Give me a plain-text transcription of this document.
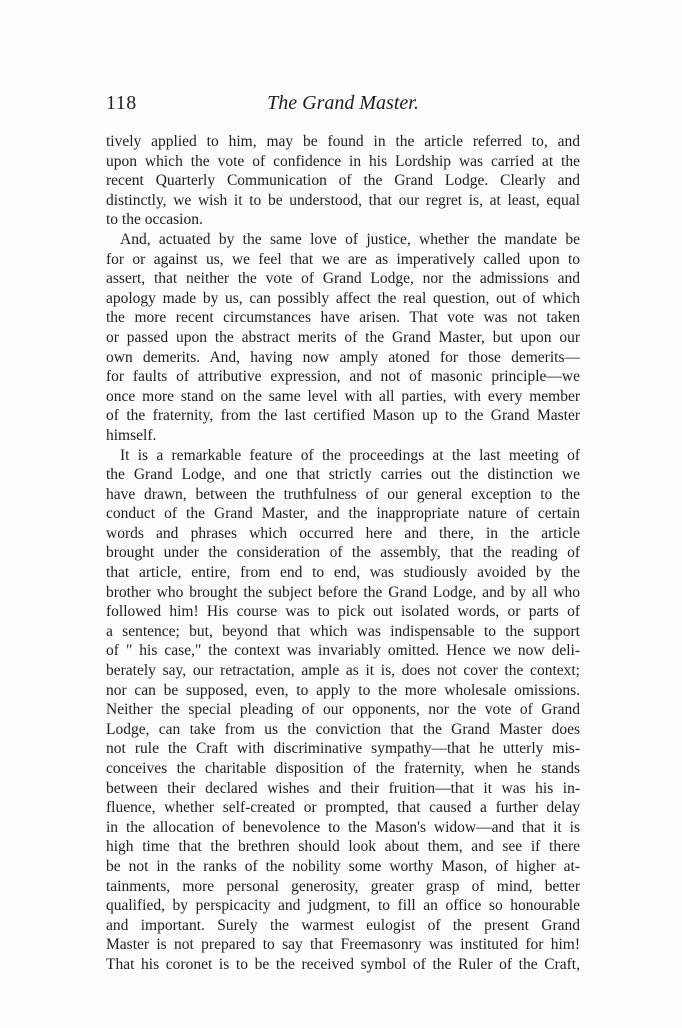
118	The Grand Master.

tively applied to him, may be found in the article referred to, and

upon which the vote of confidence in his Lordship was carried at the

recent Quarterly Communication of the Grand Lodge. Clearly and

distinctly, we wish it to be understood, that our regret is, at least, equal

to the occasion.

And, actuated by the same love of justice, whether the mandate be

for or against us, we feel that we are as imperatively called upon to

assert, that neither the vote of Grand Lodge, nor the admissions and

apology made by us, can possibly affect the real question, out of which

the more recent circumstances have arisen. That vote was not taken

or passed upon the abstract merits of the Grand Master, but upon our

own demerits. And, having now amply atoned for those demerits—

for faults of attributive expression, and not of masonic principle—we

once more stand on the same level with all parties, with every member

of the fraternity, from the last certified Mason up to the Grand Master

himself.

It is a remarkable feature of the proceedings at the last meeting of

the Grand Lodge, and one that strictly carries out the distinction we

have drawn, between the truthfulness of our general exception to the

conduct of the Grand Master, and the inappropriate nature of certain

words and phrases which occurred here and there, in the article

brought under the consideration of the assembly, that the reading of

that article, entire, from end to end, was studiously avoided by the

brother who brought the subject before the Grand Lodge, and by all who

followed him! His course was to pick out isolated words, or parts of

a sentence; but, beyond that which was indispensable to the support

of " his case," the context was invariably omitted. Hence we now deli-

berately say, our retractation, ample as it is, does not cover the context;

nor can be supposed, even, to apply to the more wholesale omissions.

Neither the special pleading of our opponents, nor the vote of Grand

Lodge, can take from us the conviction that the Grand Master does

not rule the Craft with discriminative sympathy—that he utterly mis-

conceives the charitable disposition of the fraternity, when he stands

between their declared wishes and their fruition—that it was his in-

fluence, whether self-created or prompted, that caused a further delay

in the allocation of benevolence to the Mason's widow—and that it is

high time that the brethren should look about them, and see if there

be not in the ranks of the nobility some worthy Mason, of higher at-

tainments, more personal generosity, greater grasp of mind, better

qualified, by perspicacity and judgment, to fill an office so honourable

and important. Surely the warmest eulogist of the present Grand

Master is not prepared to say that Freemasonry was instituted for him!

That his coronet is to be the received symbol of the Ruler of the Craft,
